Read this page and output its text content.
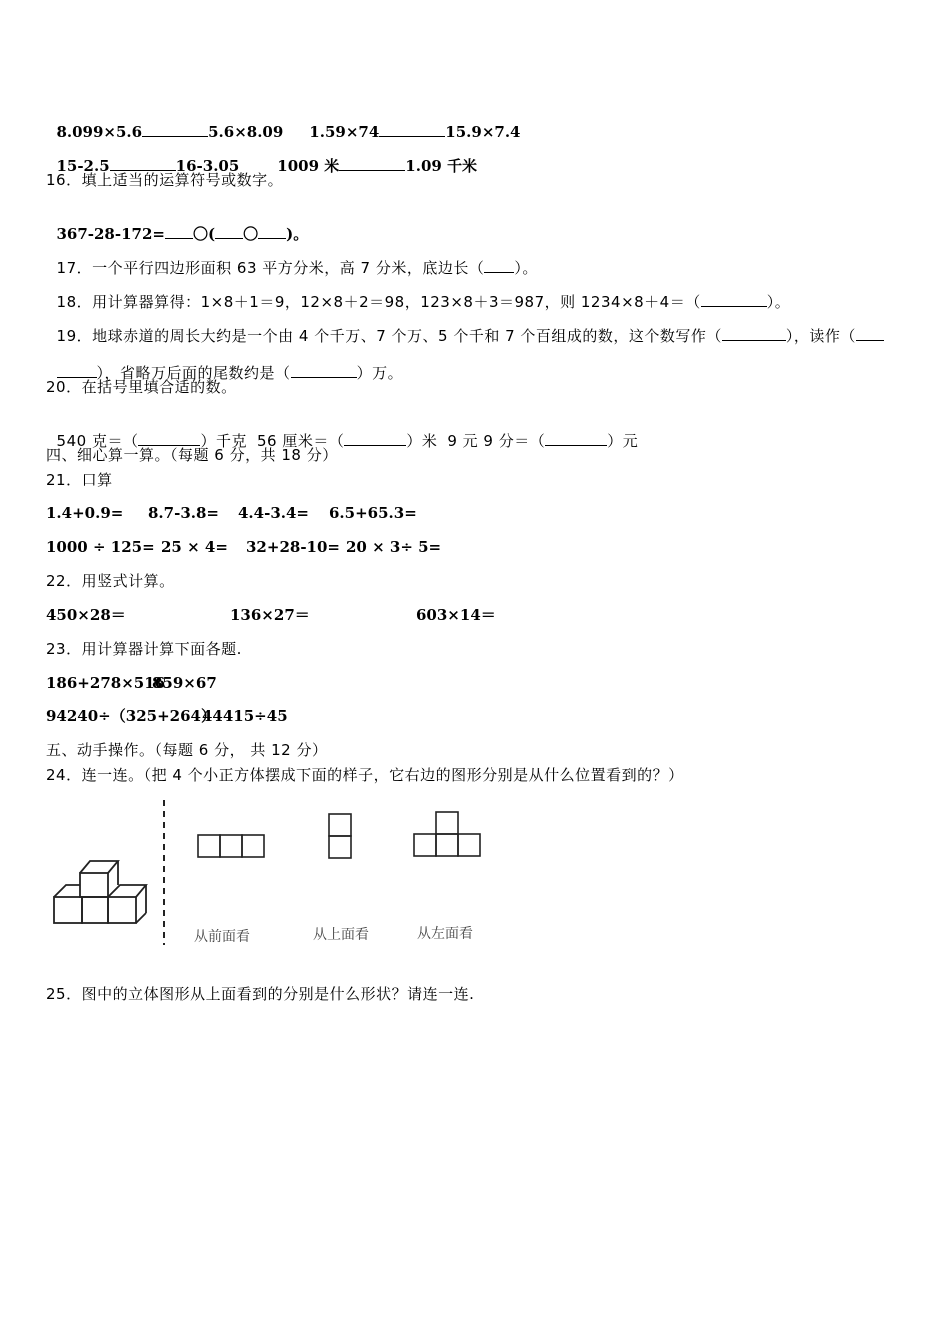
8.099×5.6	5.6×8.09 1.59×74	15.9×7.4

15-2.5	16-3.05	1009 米	1.09 千米

16．填上适当的运算符号或数字。

367-28-172= 〇( 〇 )。

17．一个平行四边形面积 63 平方分米，高 7 分米，底边长（ ）。

18．用计算器算得：1×8＋1＝9，12×8＋2＝98，123×8＋3＝987，则 1234×8＋4＝（	）。

19．地球赤道的周长大约是一个由 4 个千万、7 个万、5 个千和 7 个百组成的数，这个数写作（	），读作（

），省略万后面的尾数约是（	）万。

20．在括号里填合适的数。

540 克＝（	）千克 56 厘米＝（	）米 9 元 9 分＝（	）元

四、细心算一算。（每题 6 分，共 18 分）
21．口算
1.4+0.9= 8.7-3.8= 4.4-3.4= 6.5+65.3=
1000 ÷ 125= 25 × 4= 32+28-10= 20 × 3÷ 5=
22．用竖式计算。
450×28＝	136×27＝	603×14＝
23．用计算器计算下面各题.
186+278×516
859×67
94240÷（325+264）
44415÷45
五、动手操作。（每题 6 分， 共 12 分）
24．连一连。（把 4 个小正方体摆成下面的样子，它右边的图形分别是从什么位置看到的？）
从前面看	从上面看	从左面看
25．图中的立体图形从上面看到的分别是什么形状？请连一连.
